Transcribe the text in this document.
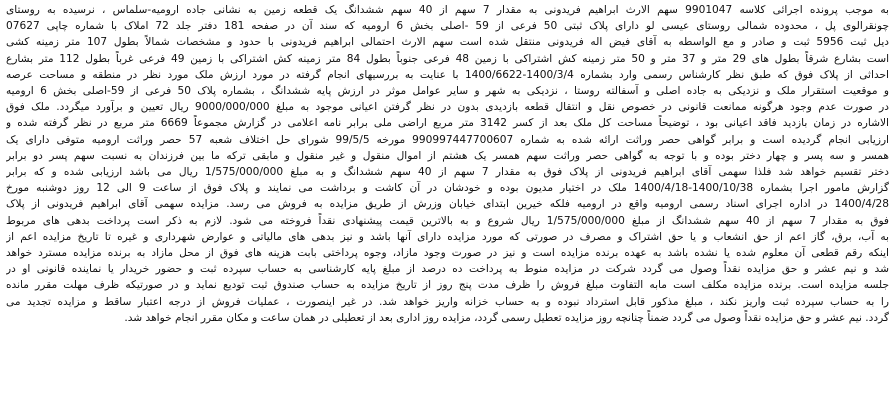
به موجب پرونده اجرائی کلاسه 9901047 سهم الارث ابراهیم فریدونی به مقدار 7 سهم از 40 سهم ششدانگ یک قطعه زمین به نشانی جاده ارومیه-سلماس ، نرسیده به روستای
چونقرالوی پل ، محدوده شمالی روستای عیسی لو دارای پلاک ثبتی 50 فرعی از 59 -اصلی بخش 6 ارومیه که سند آن در صفحه 181 دفتر جلد 72 املاک با شماره چاپی 07627
دیل ثبت 5956 ثبت و صادر و مع الواسطه به آقای فیض اله فریدونی منتقل شده است سهم الارث احتمالی ابراهیم فریدونی با حدود و مشخصات شمالاً بطول 107 متر زمینه کشی
است بشارع شرقاً بطول های 29 متر و 37 متر و 50 متر زمینه کش اشتراکی با زمین 48 فرعی جنوباً بطول 84 متر زمینه کش اشتراکی با زمین 49 فرعی غرباً بطول 112 متر بشارع
احداثی از پلاک فوق که طبق نظر کارشناس رسمی وارد بشماره 1400/3/4-1400/6622 با عنایت به بررسیهای انجام گرفته در مورد ارزش ملک مورد نظر در منطقه و مساحت عرصه
و موقعیت استقرار ملک و نزدیکی به جاده اصلی و آسفالته روستا ، نزدیکی به شهر و سایر عوامل موثر در ارزش پایه ششدانگ ، بشماره پلاک 50 فرعی از 59-اصلی بخش 6 ارومیه
در صورت عدم وجود هرگونه ممانعت قانونی در خصوص نقل و انتقال قطعه بازدیدی بدون در نظر گرفتن اعیانی موجود به مبلغ 9000/000/000 ریال تعیین و برآورد میگردد. ملک فوق
الاشاره در زمان بازدید فاقد اعیانی بود ، توضیحاً مساحت کل ملک بعد از کسر 3142 متر مربع اراضی ملی برابر نامه اعلامی در گزارش مجموعاً 6669 متر مربع در نظر گرفته شده و
ارزیابی انجام گردیده است و برابر گواهی حصر وراثت ارائه شده به شماره 990997447700607 مورخه 99/5/5 شورای حل اختلاف شعبه 57 حصر وراثت ارومیه متوفی دارای یک
همسر و سه پسر و چهار دختر بوده و با توجه به گواهی حصر وراثت سهم همسر یک هشتم از اموال منقول و غیر منقول و مابقی ترکه ما بین فرزندان به نسبت سهم پسر دو برابر
دختر تقسیم خواهد شد فلذا سهمی آقای ابراهیم فریدونی از پلاک فوق به مقدار 7 سهم از 40 سهم ششدانگ و به مبلغ 1/575/000/000 ریال می باشد ارزیابی شده و که برابر
گزارش مامور اجرا بشماره 1400/10/38-1400/4/18 ملک در اختیار مدیون بوده و خودشان در آن کاشت و برداشت می نمایند و پلاک فوق از ساعت 9 الی 12 روز دوشنبه مورخ
1400/4/28 در اداره اجرای اسناد رسمی ارومیه واقع در ارومیه فلکه خیرین ابتدای خیابان وزرش از طریق مزایده به فروش می رسد. مزایده سهمی آقای ابراهیم فریدونی از پلاک
فوق به مقدار 7 سهم از 40 سهم ششدانگ از مبلغ 1/575/000/000 ریال شروع و به بالاترین قیمت پیشنهادی نقداً فروخته می شود. لازم به ذکر است پرداخت بدهی های مربوط
به آب، برق، گاز اعم از حق انشعاب و یا حق اشتراک و مصرف در صورتی که مورد مزایده دارای آنها باشد و نیز بدهی های مالیاتی و عوارض شهرداری و غیره تا تاریخ مزایده اعم از
اینکه رقم قطعی آن معلوم شده یا نشده باشد به عهده برنده مزایده است و نیز در صورت وجود مازاد، وجوه پرداختی بابت هزینه های فوق از محل مازاد به برنده مزایده مسترد خواهد
شد و نیم عشر و حق مزایده نقداً وصول می گردد شرکت در مزایده منوط به پرداخت ده درصد از مبلغ پایه کارشناسی به حساب سپرده ثبت و حضور خریدار یا نماینده قانونی او در
جلسه مزایده است. برنده مزایده مکلف است مابه التفاوت مبلغ فروش را ظرف مدت پنج روز از تاریخ مزایده به حساب صندوق ثبت تودیع نماید و در صورتیکه ظرف مهلت مقرر مانده
را به حساب سپرده ثبت واریز نکند ، مبلغ مذکور قابل استرداد نبوده و به حساب خزانه واریز خواهد شد. در غیر اینصورت ، عملیات فروش از درجه اعتبار ساقط و مزایده تجدید می
گردد. نیم عشر و حق مزایده نقداً وصول می گردد ضمناً چنانچه روز مزایده تعطیل رسمی گردد، مزایده روز اداری بعد از تعطیلی در همان ساعت و مکان مقرر انجام خواهد شد.
